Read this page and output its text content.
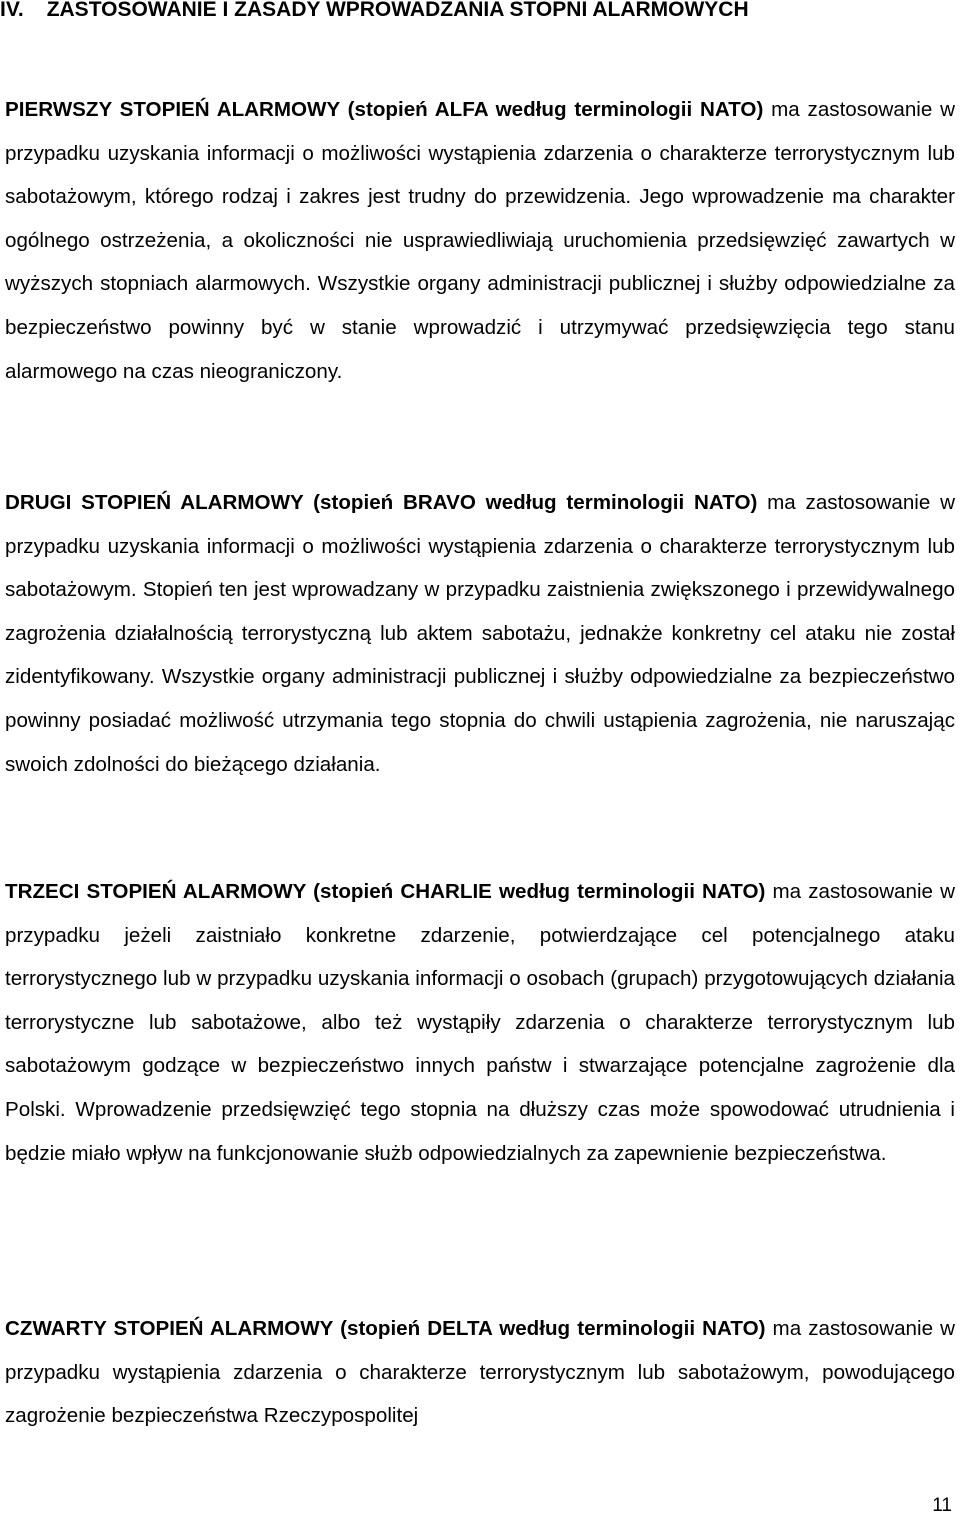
IV.	ZASTOSOWANIE I ZASADY WPROWADZANIA STOPNI ALARMOWYCH

PIERWSZY STOPIEŃ ALARMOWY (stopień ALFA według terminologii NATO) ma zastosowanie w przypadku uzyskania informacji o możliwości wystąpienia zdarzenia o charakterze terrorystycznym lub sabotażowym, którego rodzaj i zakres jest trudny do przewidzenia. Jego wprowadzenie ma charakter ogólnego ostrzeżenia, a okoliczności nie usprawiedliwiają uruchomienia przedsięwzięć zawartych w wyższych stopniach alarmowych. Wszystkie organy administracji publicznej i służby odpowiedzialne za bezpieczeństwo powinny być w stanie wprowadzić i utrzymywać przedsięwzięcia tego stanu alarmowego na czas nieograniczony.

DRUGI STOPIEŃ ALARMOWY (stopień BRAVO według terminologii NATO) ma zastosowanie w przypadku uzyskania informacji o możliwości wystąpienia zdarzenia o charakterze terrorystycznym lub sabotażowym. Stopień ten jest wprowadzany w przypadku zaistnienia zwiększonego i przewidywalnego zagrożenia działalnością terrorystyczną lub aktem sabotażu, jednakże konkretny cel ataku nie został zidentyfikowany. Wszystkie organy administracji publicznej i służby odpowiedzialne za bezpieczeństwo powinny posiadać możliwość utrzymania tego stopnia do chwili ustąpienia zagrożenia, nie naruszając swoich zdolności do bieżącego działania.

TRZECI STOPIEŃ ALARMOWY (stopień CHARLIE według terminologii NATO) ma zastosowanie w przypadku jeżeli zaistniało konkretne zdarzenie, potwierdzające cel potencjalnego ataku terrorystycznego lub w przypadku uzyskania informacji o osobach (grupach) przygotowujących działania terrorystyczne lub sabotażowe, albo też wystąpiły zdarzenia o charakterze terrorystycznym lub sabotażowym godzące w bezpieczeństwo innych państw i stwarzające potencjalne zagrożenie dla Polski. Wprowadzenie przedsięwzięć tego stopnia na dłuższy czas może spowodować utrudnienia i będzie miało wpływ na funkcjonowanie służb odpowiedzialnych za zapewnienie bezpieczeństwa.

CZWARTY STOPIEŃ ALARMOWY (stopień DELTA według terminologii NATO) ma zastosowanie w przypadku wystąpienia zdarzenia o charakterze terrorystycznym lub sabotażowym, powodującego zagrożenie bezpieczeństwa Rzeczypospolitej

11
